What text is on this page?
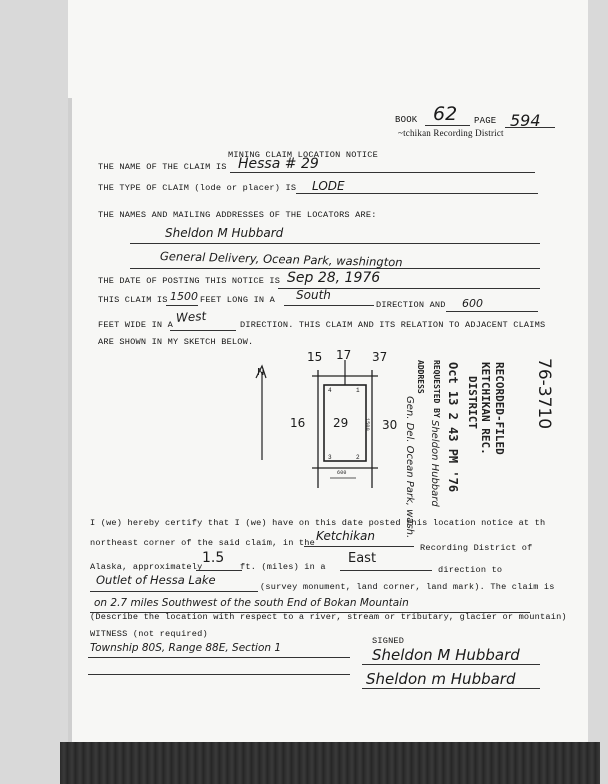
BOOK 62 PAGE 594
~tchikan Recording District
MINING CLAIM LOCATION NOTICE
THE NAME OF THE CLAIM IS Hessa # 29
THE TYPE OF CLAIM (lode or placer) IS LODE
THE NAMES AND MAILING ADDRESSES OF THE LOCATORS ARE:
Sheldon M Hubbard
General Delivery, Ocean Park, washington
THE DATE OF POSTING THIS NOTICE IS Sep 28, 1976
THIS CLAIM IS 1500 FEET LONG IN A South
DIRECTION AND 600
FEET WIDE IN A
West
DIRECTION. THIS CLAIM AND ITS RELATION TO ADJACENT CLAIMS
ARE SHOWN IN MY SKETCH BELOW.
N
15 17 37
16 29	30
4	1
3	2
1500
600
RECORDED-FILED
KETCHIKAN REC.
DISTRICT
Oct 13 2 43 PM '76
REQUESTED BY
Sheldon Hubbard
ADDRESS
Gen. Del. Ocean Park, wash.
76-3710
I (we) hereby certify that I (we) have on this date posted this location notice at th
northeast corner of the said claim, in the Ketchikan
Recording District of
Alaska, approximately
1.5
ft. (miles) in a
East
direction to
Outlet of Hessa Lake	(survey monument, land corner, land mark). The claim is
on 2.7 miles Southwest of the south End of Bokan Mountain
(Describe the location with respect to a river, stream or tributary, glacier or mountain)
WITNESS (not required)
SIGNED
Township 80S, Range 88E, Section 1	Sheldon M Hubbard
Sheldon m Hubbard
